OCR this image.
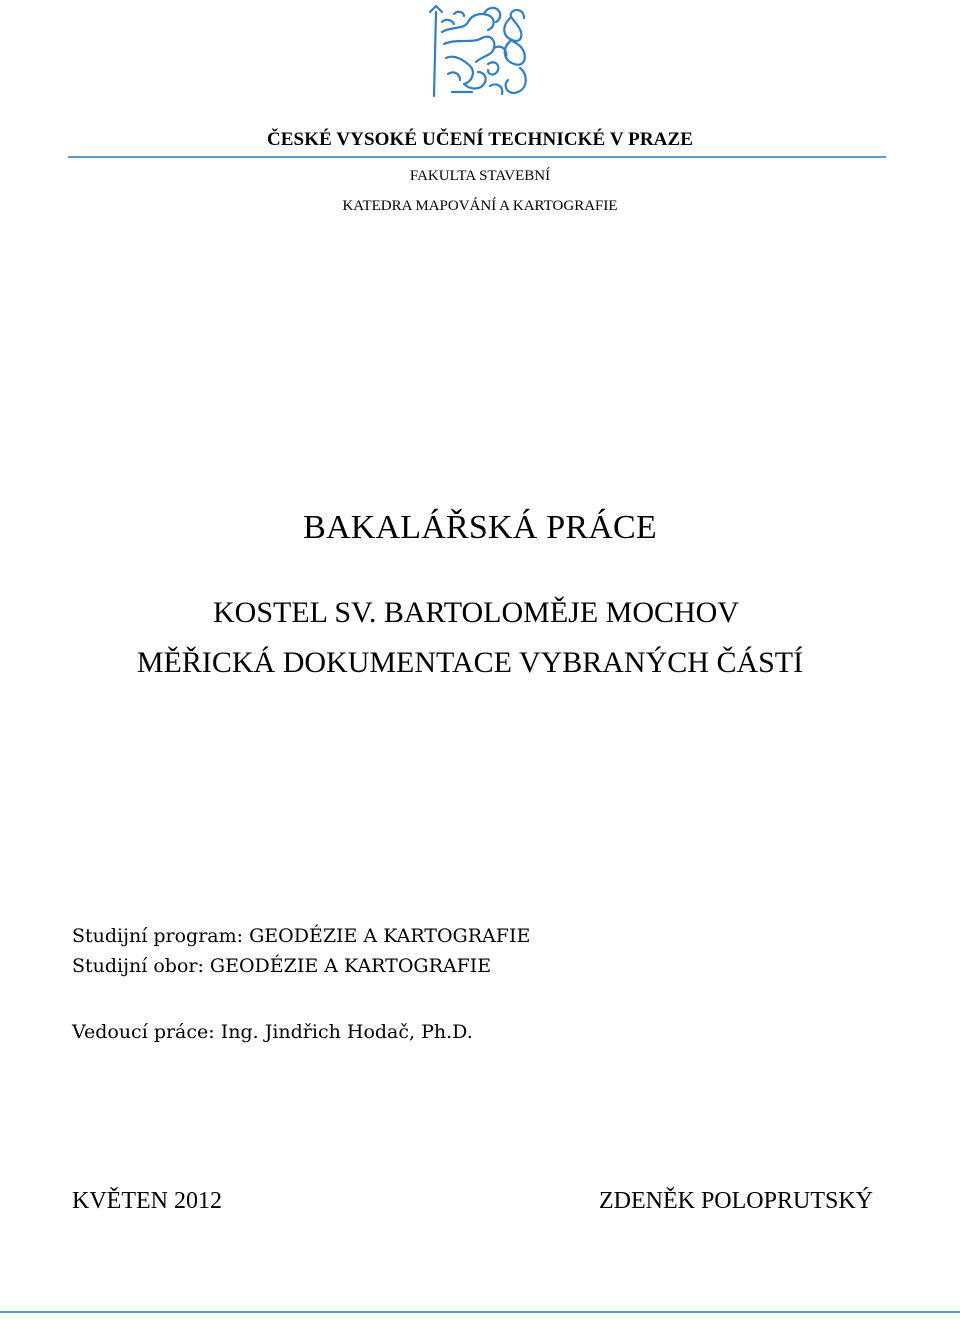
ČESKÉ VYSOKÉ UČENÍ TECHNICKÉ V PRAZE
FAKULTA STAVEBNÍ
KATEDRA MAPOVÁNÍ A KARTOGRAFIE
BAKALÁŘSKÁ PRÁCE
KOSTEL SV. BARTOLOMĚJE MOCHOV
MĚŘICKÁ DOKUMENTACE VYBRANÝCH ČÁSTÍ
Studijní program: GEODÉZIE A KARTOGRAFIE
Studijní obor: GEODÉZIE A KARTOGRAFIE
Vedoucí práce: Ing. Jindřich Hodač, Ph.D.
KVĚTEN 2012	ZDENĚK POLOPRUTSKÝ
